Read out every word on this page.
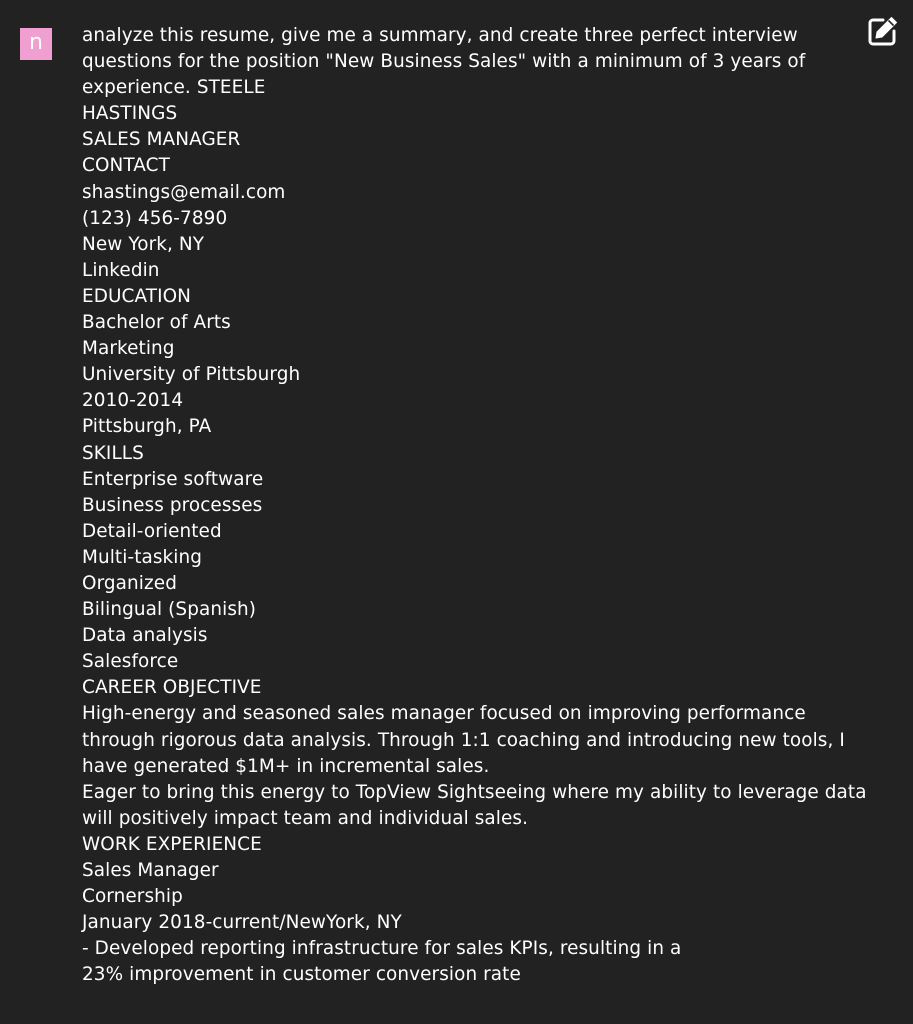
n	analyze this resume, give me a summary, and create three perfect interview
questions for the position "New Business Sales" with a minimum of 3 years of
experience. STEELE
HASTINGS
SALES MANAGER
CONTACT
shastings@email.com
(123) 456-7890
New York, NY
Linkedin
EDUCATION
Bachelor of Arts
Marketing
University of Pittsburgh
2010-2014
Pittsburgh, PA
SKILLS
Enterprise software
Business processes
Detail-oriented
Multi-tasking
Organized
Bilingual (Spanish)
Data analysis
Salesforce
CAREER OBJECTIVE
High-energy and seasoned sales manager focused on improving performance
through rigorous data analysis. Through 1:1 coaching and introducing new tools, I
have generated $1M+ in incremental sales.
Eager to bring this energy to TopView Sightseeing where my ability to leverage data
will positively impact team and individual sales.
WORK EXPERIENCE
Sales Manager
Cornership
January 2018-current/NewYork, NY
- Developed reporting infrastructure for sales KPIs, resulting in a
23% improvement in customer conversion rate
